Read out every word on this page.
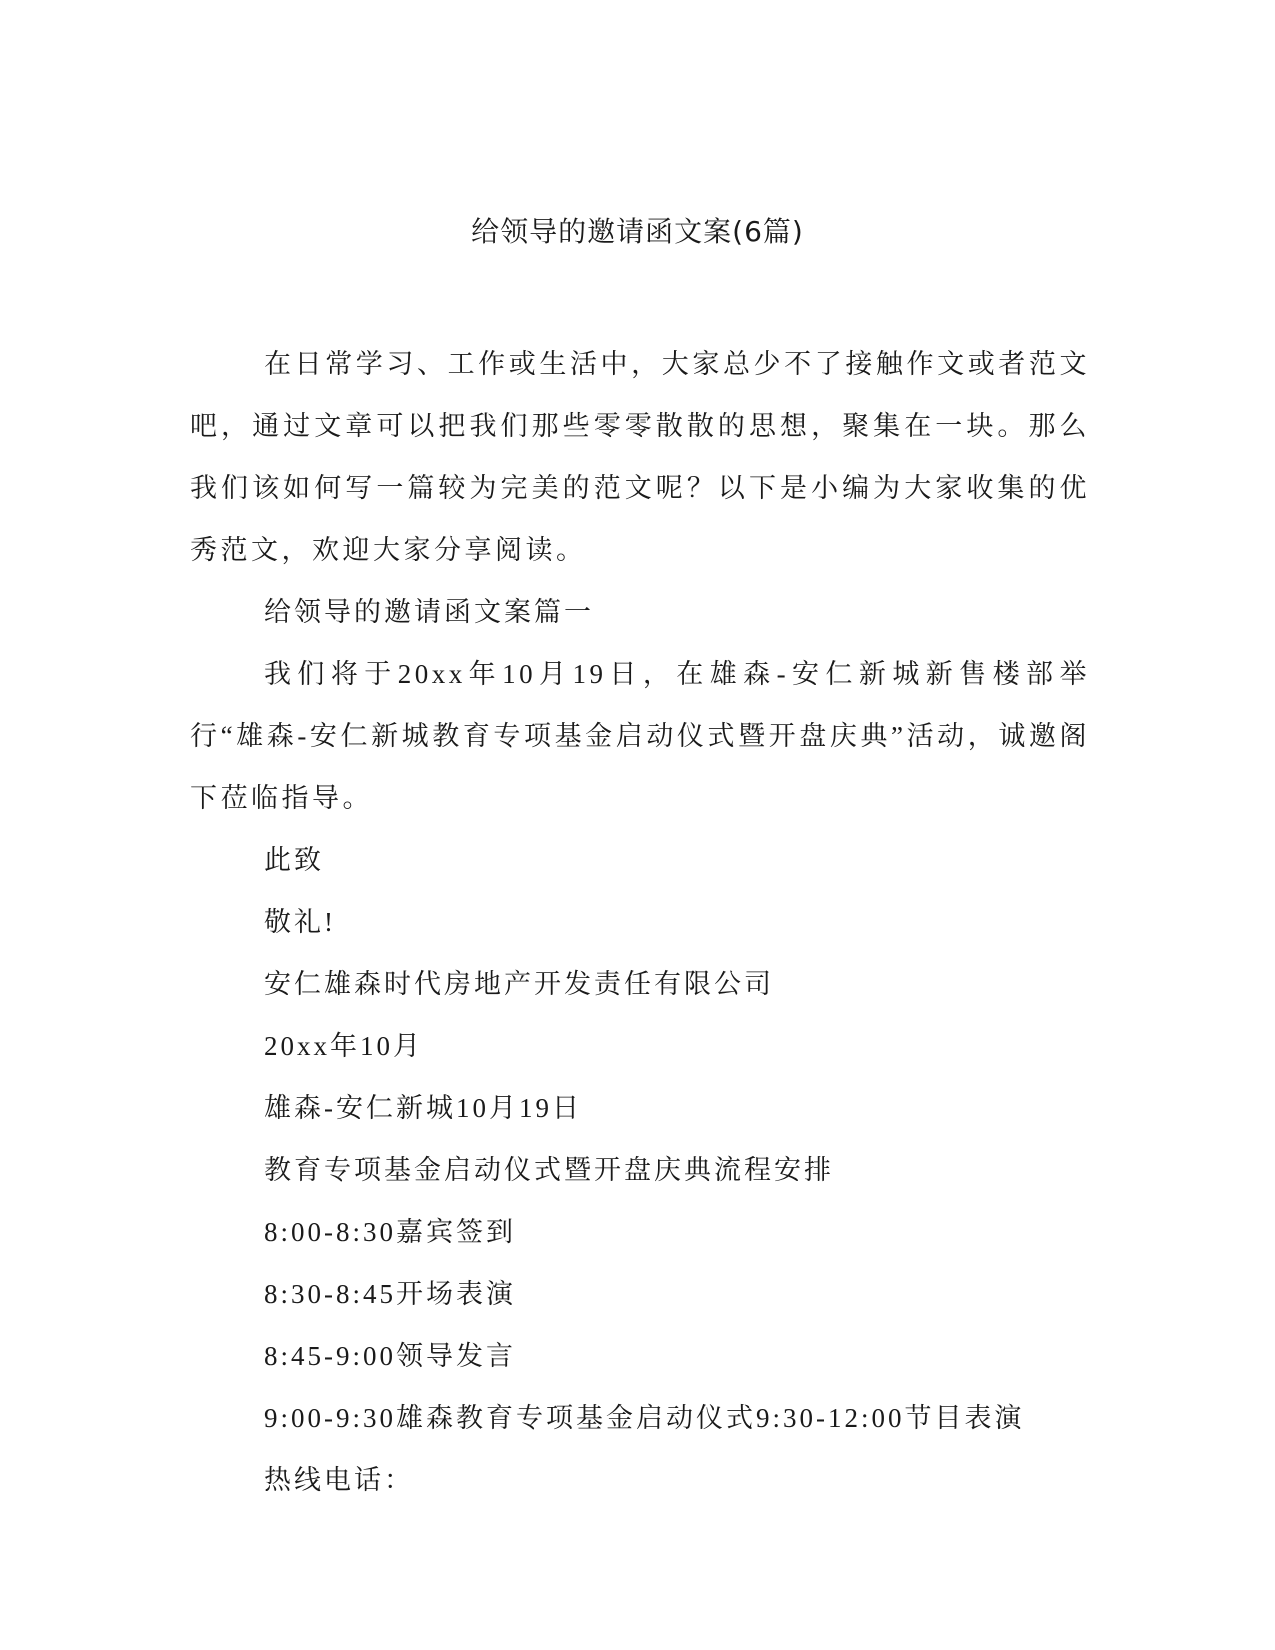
给领导的邀请函文案(6篇)

在日常学习、工作或生活中，大家总少不了接触作文或者范文吧，通过文章可以把我们那些零零散散的思想，聚集在一块。那么我们该如何写一篇较为完美的范文呢？以下是小编为大家收集的优秀范文，欢迎大家分享阅读。

给领导的邀请函文案篇一

我们将于20xx年10月19日，在雄森-安仁新城新售楼部举行“雄森-安仁新城教育专项基金启动仪式暨开盘庆典”活动，诚邀阁下莅临指导。

此致

敬礼!

安仁雄森时代房地产开发责任有限公司

20xx年10月

雄森-安仁新城10月19日

教育专项基金启动仪式暨开盘庆典流程安排

8:00-8:30嘉宾签到

8:30-8:45开场表演

8:45-9:00领导发言

9:00-9:30雄森教育专项基金启动仪式9:30-12:00节目表演

热线电话：
